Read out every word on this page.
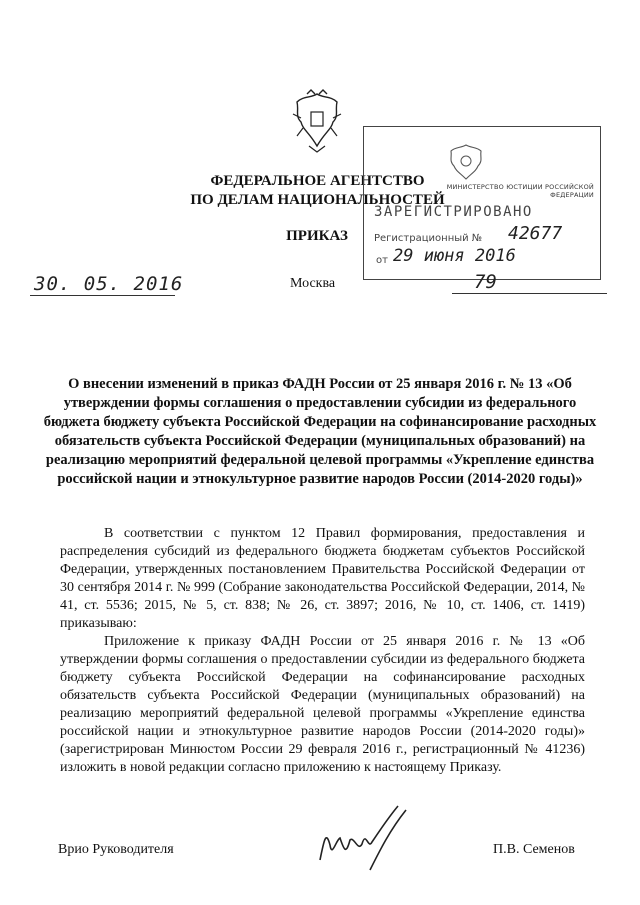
ФЕДЕРАЛЬНОЕ АГЕНТСТВО
ПО ДЕЛАМ НАЦИОНАЛЬНОСТЕЙ
ПРИКАЗ
МИНИСТЕРСТВО ЮСТИЦИИ РОССИЙСКОЙ ФЕДЕРАЦИИ
ЗАРЕГИСТРИРОВАНО
Регистрационный № 42677
от 29 июня 2016
30. 05. 2016	Москва	79
О внесении изменений в приказ ФАДН России от 25 января 2016 г. № 13 «Об утверждении формы соглашения о предоставлении субсидии из федерального бюджета бюджету субъекта Российской Федерации на софинансирование расходных обязательств субъекта Российской Федерации (муниципальных образований) на реализацию мероприятий федеральной целевой программы «Укрепление единства российской нации и этнокультурное развитие народов России (2014-2020 годы)»

В соответствии с пунктом 12 Правил формирования, предоставления и распределения субсидий из федерального бюджета бюджетам субъектов Российской Федерации, утвержденных постановлением Правительства Российской Федерации от 30 сентября 2014 г. № 999 (Собрание законодательства Российской Федерации, 2014, № 41, ст. 5536; 2015, № 5, ст. 838; № 26, ст. 3897; 2016, № 10, ст. 1406, ст. 1419) приказываю:

Приложение к приказу ФАДН России от 25 января 2016 г. № 13 «Об утверждении формы соглашения о предоставлении субсидии из федерального бюджета бюджету субъекта Российской Федерации на софинансирование расходных обязательств субъекта Российской Федерации (муниципальных образований) на реализацию мероприятий федеральной целевой программы «Укрепление единства российской нации и этнокультурное развитие народов России (2014-2020 годы)» (зарегистрирован Минюстом России 29 февраля 2016 г., регистрационный № 41236) изложить в новой редакции согласно приложению к настоящему Приказу.

Врио Руководителя	П.В. Семенов
